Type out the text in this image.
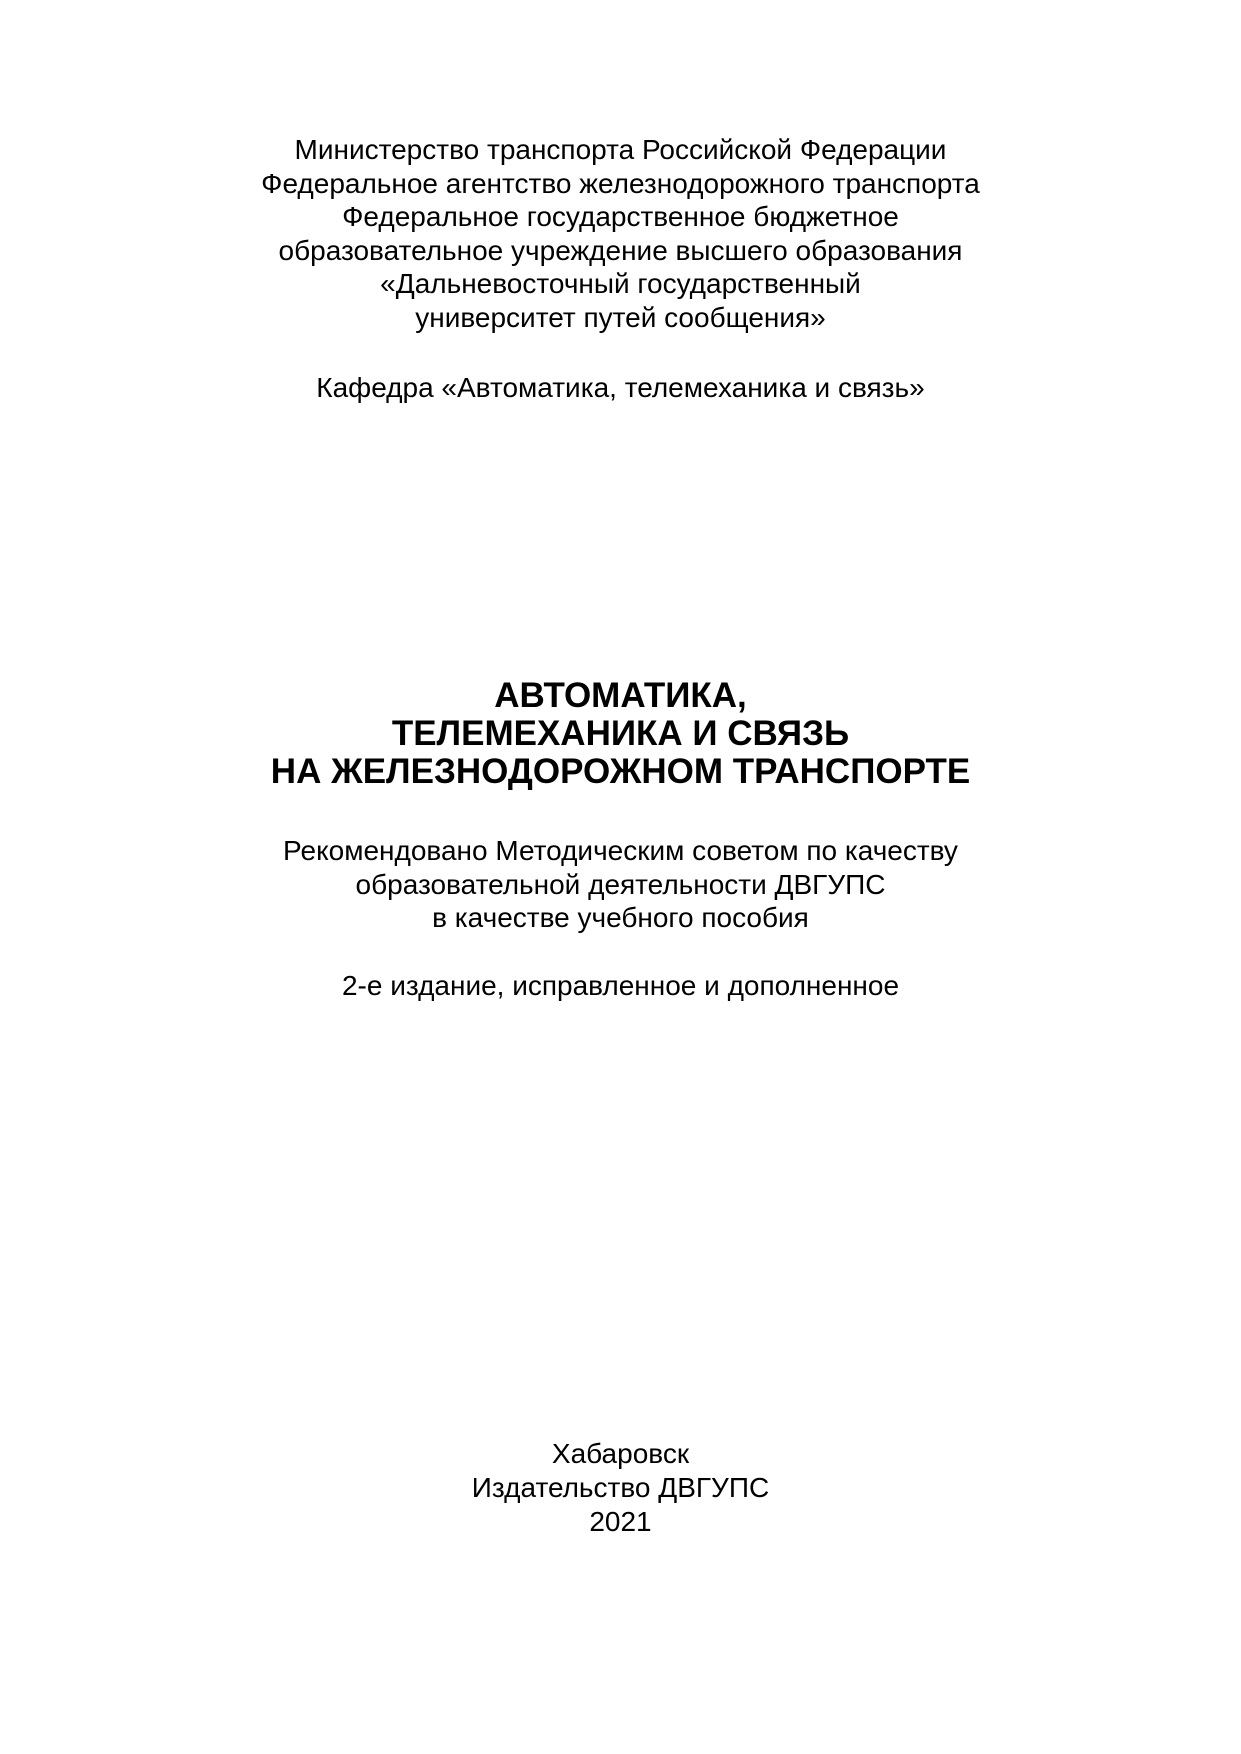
Министерство транспорта Российской Федерации
Федеральное агентство железнодорожного транспорта
Федеральное государственное бюджетное
образовательное учреждение высшего образования
«Дальневосточный государственный
университет путей сообщения»
Кафедра «Автоматика, телемеханика и связь»
АВТОМАТИКА,
ТЕЛЕМЕХАНИКА И СВЯЗЬ
НА ЖЕЛЕЗНОДОРОЖНОМ ТРАНСПОРТЕ
Рекомендовано Методическим советом по качеству
образовательной деятельности ДВГУПС
в качестве учебного пособия
2-е издание, исправленное и дополненное
Хабаровск
Издательство ДВГУПС
2021
